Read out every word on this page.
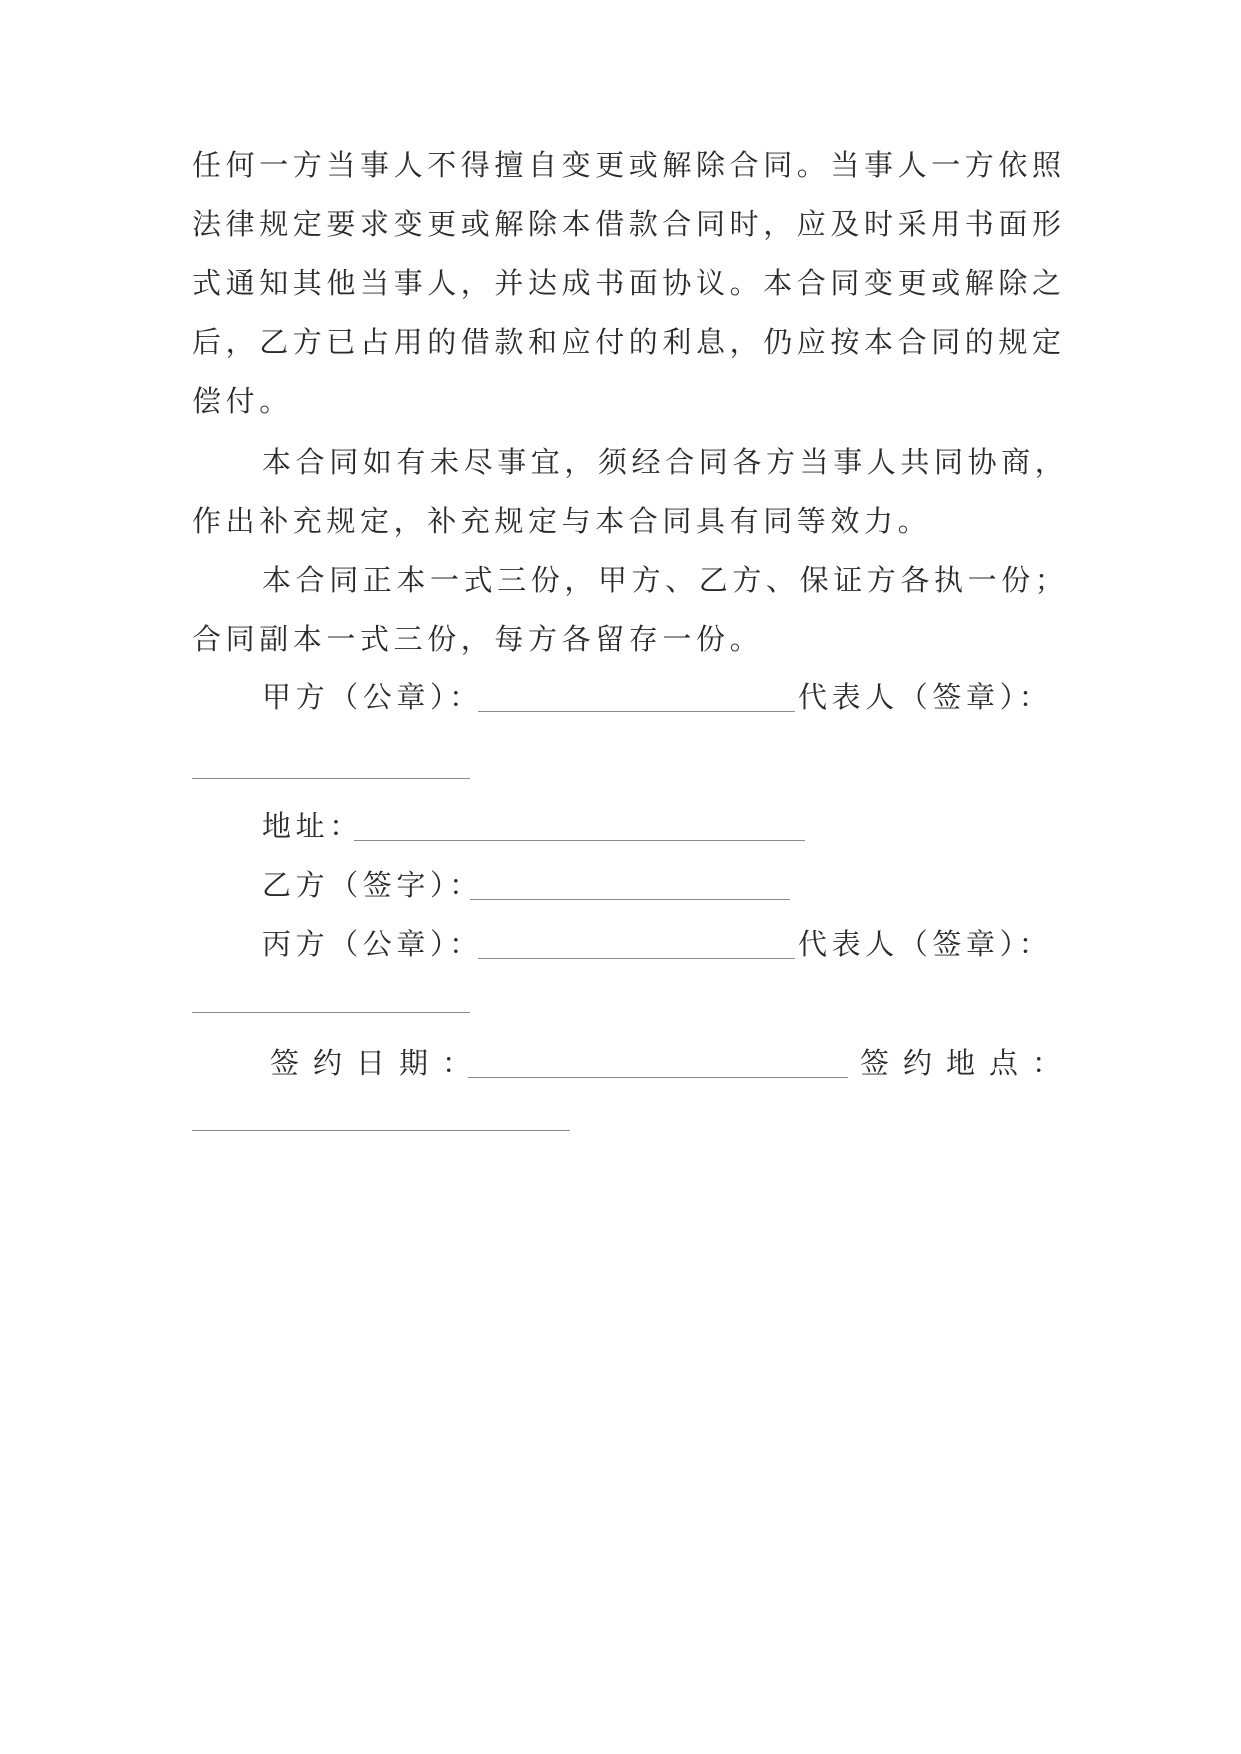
任何一方当事人不得擅自变更或解除合同。当事人一方依照
法律规定要求变更或解除本借款合同时，应及时采用书面形
式通知其他当事人，并达成书面协议。本合同变更或解除之
后，乙方已占用的借款和应付的利息，仍应按本合同的规定
偿付。
本合同如有未尽事宜，须经合同各方当事人共同协商，
作出补充规定，补充规定与本合同具有同等效力。
本合同正本一式三份，甲方、乙方、保证方各执一份；
合同副本一式三份，每方各留存一份。
甲方（公章）：	代表人（签章）：
地址：
乙方（签字）：
丙方（公章）：	代表人（签章）：
签约日期：	签约地点：
